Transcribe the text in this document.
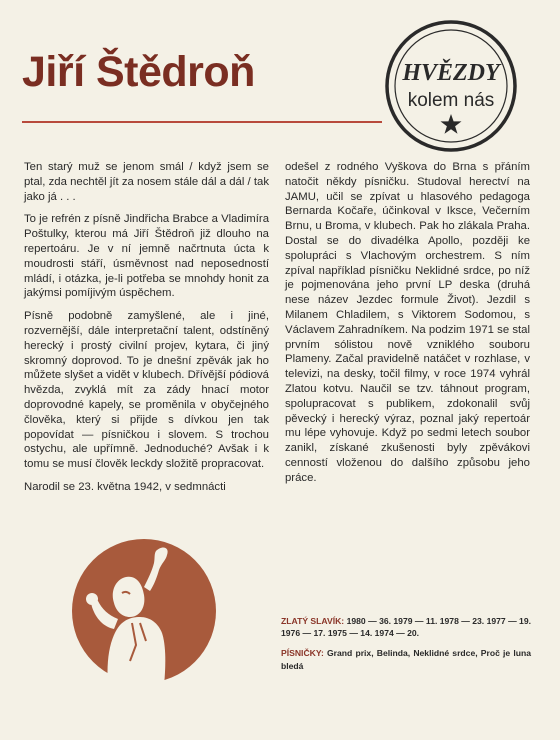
Jiří Štědroň	HVĚZDY
kolem nás

Ten starý muž se jenom smál / když jsem se ptal, zda nechtěl jít za nosem stále dál a dál / tak jako já . . .

To je refrén z písně Jindřicha Brabce a Vladimíra Poštulky, kterou má Jiří Štědroň již dlouho na repertoáru. Je v ní jemně načrtnuta úcta k moudrosti stáří, úsměvnost nad neposedností mládí, i otázka, je-li potřeba se mnohdy honit za jakýmsi pomíjivým úspěchem.

Písně podobně zamyšlené, ale i jiné, rozvernější, dále interpretační talent, odstíněný herecký i prostý civilní projev, kytara, či jiný skromný doprovod. To je dnešní zpěvák jak ho můžete slyšet a vidět v klubech. Dřívější pódiová hvězda, zvyklá mít za zády hnací motor doprovodné kapely, se proměnila v obyčejného člověka, který si přijde s dívkou jen tak popovídat — písničkou i slovem. S trochou ostychu, ale upřímně. Jednoduché? Avšak i k tomu se musí člověk leckdy složitě propracovat.

Narodil se 23. května 1942, v sedmnácti

odešel z rodného Vyškova do Brna s přáním natočit někdy písničku. Studoval herectví na JAMU, učil se zpívat u hlasového pedagoga Bernarda Kočaře, účinkoval v Iksce, Večerním Brnu, u Broma, v klubech. Pak ho zlákala Praha. Dostal se do divadélka Apollo, později ke spolupráci s Vlachovým orchestrem. S ním zpíval například písničku Neklidné srdce, po níž je pojmenována jeho první LP deska (druhá nese název Jezdec formule Život). Jezdil s Milanem Chladilem, s Viktorem Sodomou, s Václavem Zahradníkem. Na podzim 1971 se stal prvním sólistou nově vzniklého souboru Plameny. Začal pravidelně natáčet v rozhlase, v televizi, na desky, točil filmy, v roce 1974 vyhrál Zlatou kotvu. Naučil se tzv. táhnout program, spolupracovat s publikem, zdokonalil svůj pěvecký i herecký výraz, poznal jaký repertoár mu lépe vyhovuje. Když po sedmi letech soubor zanikl, získané zkušenosti byly zpěvákovi cenností vloženou do dalšího způsobu jeho práce.

ZLATÝ SLAVÍK: 1980 — 36. 1979 — 11. 1978 — 23. 1977 — 19. 1976 — 17. 1975 — 14. 1974 — 20.

PÍSNIČKY: Grand prix, Belinda, Neklidné srdce, Proč je luna bledá
